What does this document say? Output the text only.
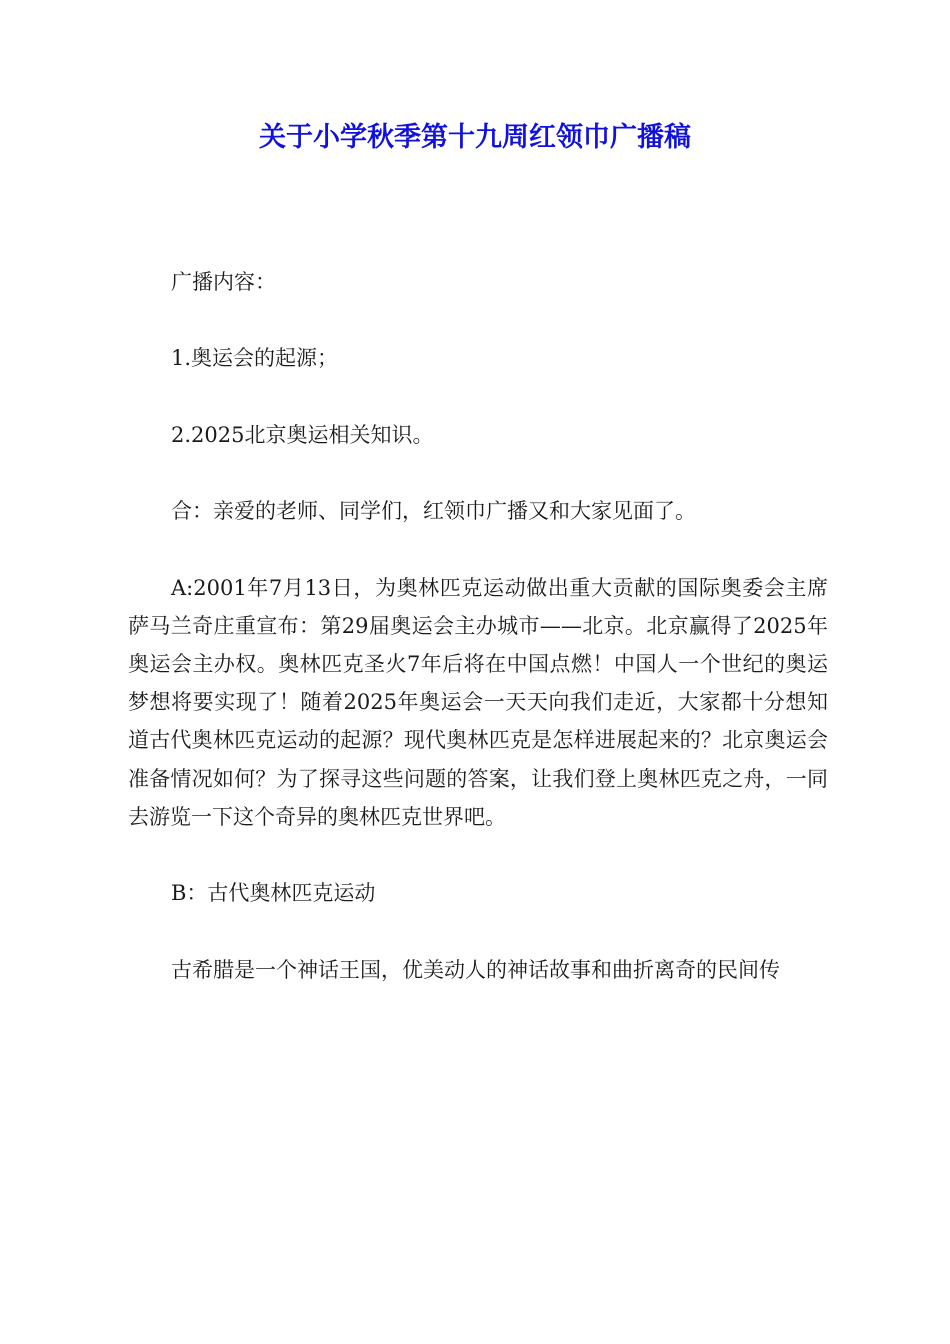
关于小学秋季第十九周红领巾广播稿

广播内容：

1.奥运会的起源；

2.2025北京奥运相关知识。

合：亲爱的老师、同学们，红领巾广播又和大家见面了。

A:2001年7月13日，为奥林匹克运动做出重大贡献的国际奥委会主席萨马兰奇庄重宣布：第29届奥运会主办城市——北京。北京赢得了2025年奥运会主办权。奥林匹克圣火7年后将在中国点燃！中国人一个世纪的奥运梦想将要实现了！随着2025年奥运会一天天向我们走近，大家都十分想知道古代奥林匹克运动的起源？现代奥林匹克是怎样进展起来的？北京奥运会准备情况如何？为了探寻这些问题的答案，让我们登上奥林匹克之舟，一同去游览一下这个奇异的奥林匹克世界吧。

B：古代奥林匹克运动

古希腊是一个神话王国，优美动人的神话故事和曲折离奇的民间传
